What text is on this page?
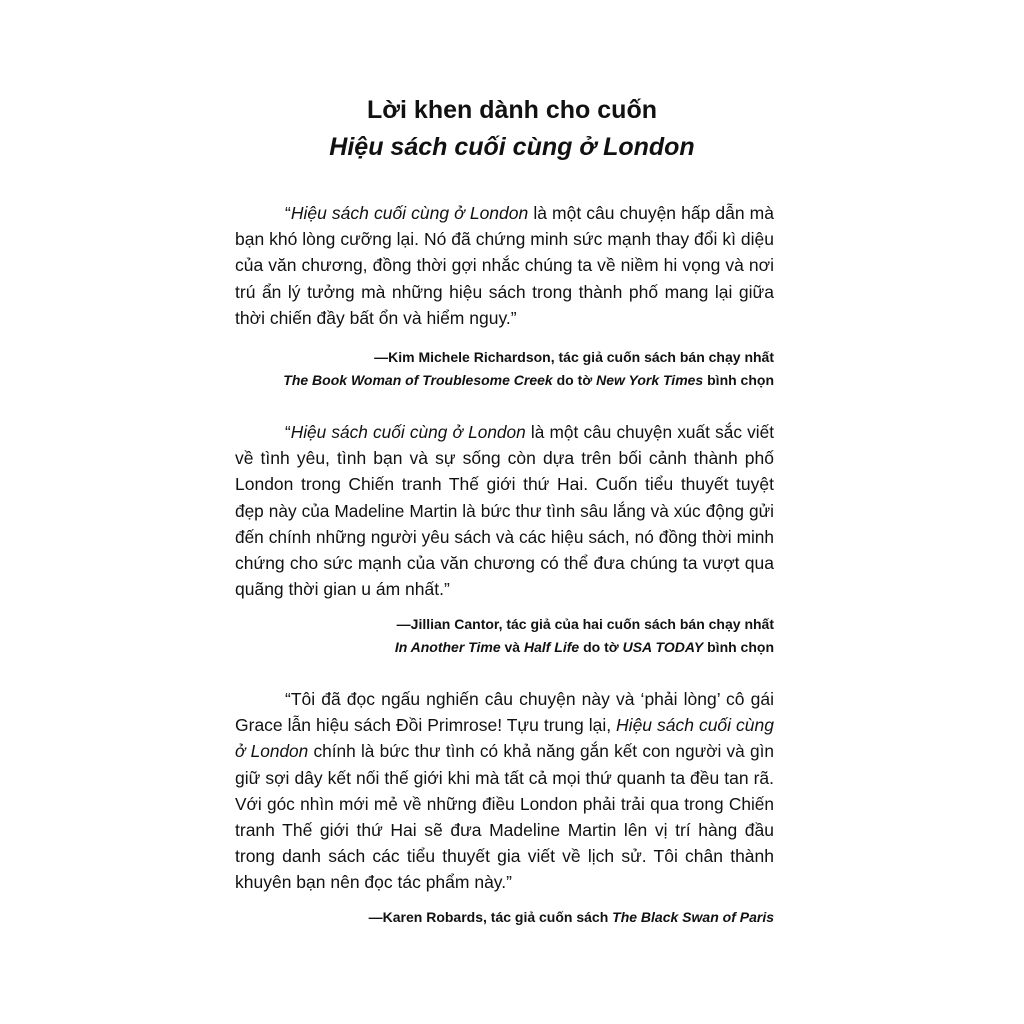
Lời khen dành cho cuốn
Hiệu sách cuối cùng ở London
“Hiệu sách cuối cùng ở London là một câu chuyện hấp dẫn mà
bạn khó lòng cưỡng lại. Nó đã chứng minh sức mạnh thay đổi kì diệu
của văn chương, đồng thời gợi nhắc chúng ta về niềm hi vọng và nơi
trú ẩn lý tưởng mà những hiệu sách trong thành phố mang lại giữa
thời chiến đầy bất ổn và hiểm nguy.”
—Kim Michele Richardson, tác giả cuốn sách bán chạy nhất
The Book Woman of Troublesome Creek do tờ New York Times bình chọn
“Hiệu sách cuối cùng ở London là một câu chuyện xuất sắc viết
về tình yêu, tình bạn và sự sống còn dựa trên bối cảnh thành phố
London trong Chiến tranh Thế giới thứ Hai. Cuốn tiểu thuyết tuyệt
đẹp này của Madeline Martin là bức thư tình sâu lắng và xúc động gửi
đến chính những người yêu sách và các hiệu sách, nó đồng thời minh
chứng cho sức mạnh của văn chương có thể đưa chúng ta vượt qua
quãng thời gian u ám nhất.”
—Jillian Cantor, tác giả của hai cuốn sách bán chạy nhất
In Another Time và Half Life do tờ USA TODAY bình chọn
“Tôi đã đọc ngấu nghiến câu chuyện này và ‘phải lòng’ cô gái
Grace lẫn hiệu sách Đồi Primrose! Tựu trung lại, Hiệu sách cuối cùng
ở London chính là bức thư tình có khả năng gắn kết con người và gìn
giữ sợi dây kết nối thế giới khi mà tất cả mọi thứ quanh ta đều tan rã.
Với góc nhìn mới mẻ về những điều London phải trải qua trong Chiến
tranh Thế giới thứ Hai sẽ đưa Madeline Martin lên vị trí hàng đầu
trong danh sách các tiểu thuyết gia viết về lịch sử. Tôi chân thành
khuyên bạn nên đọc tác phẩm này.”
—Karen Robards, tác giả cuốn sách The Black Swan of Paris
